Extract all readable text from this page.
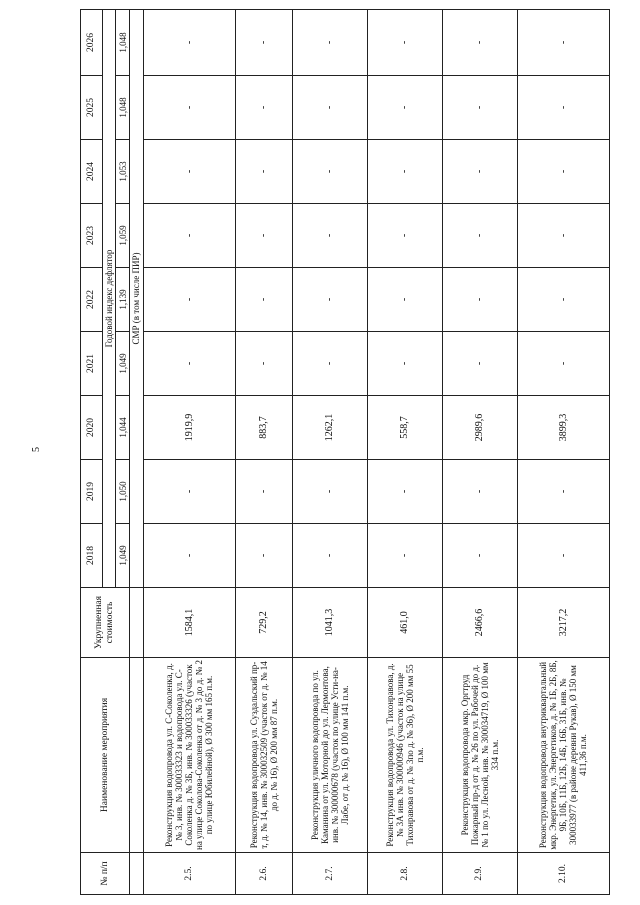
5
№ п/п	Наименование мероприятия	Укрупненная стоимость	2018	2019	2020	2021	2022	2023	2024	2025	2026
			Годовой индекс дефлятор								
			1,049	1,050	1,044	1,049	1,139	1,059	1,053	1,048	1,048
			СМР (в том числе ПИР)								
2.5.	Реконструкция водопровода ул. С-Соколенка, д. № 3, инв. № 300033323 и водопровода ул. С-Соколенка д. № 3Б, инв. № 300033326 (участок на улице Соколова-Соколенка от д. № 3 до д. № 2 по улице Юбилейной), Ø 300 мм 165 п.м.	1584,1	-	-	1919,9	-	-	-	-	-	-
2.6.	Реконструкция водопровода ул. Суздальский пр-т, д. № 14, инв. № 300032509 (участок от д. № 14 до д. № 16), Ø 200 мм 87 п.м.	729,2	-	-	883,7	-	-	-	-	-	-
2.7.	Реконструкция уличного водопровода по ул. Каманина от ул. Моторной до ул. Лермонтова, инв. № 300000678 (участок по улице Усти-на-Лабе, от д. № 16), Ø 100 мм 141 п.м.	1041,3	-	-	1262,1	-	-	-	-	-	-
2.8.	Реконструкция водопровода ул. Тихонравова, д. № 3А инв. № 300000946 (участок на улице Тихонравова от д. № 3по д. № 36), Ø 200 мм 55 п.м.	461,0	-	-	558,7	-	-	-	-	-	-
2.9.	Реконструкция водопровода мкр. Оргтруд Пожарный пр-д от д. № 26 по ул. Рабочей до д. № 1 по ул. Лесной, инв. № 300034719, Ø 100 мм 334 п.м.	2466,6	-	-	2989,6	-	-	-	-	-	-
2.10.	Реконструкция водопровода внутриквартальный мкр. Энергетик, ул. Энергетиков, д. № 1Б, 2Б, 8Б, 9Б, 10Б, 11Б, 12Б, 14Б, 16Б, 31Б, инв. № 300033977 (в районе деревни Рукав), Ø 150 мм 411,36 п.м.	3217,2	-	-	3899,3	-	-	-	-	-	-
